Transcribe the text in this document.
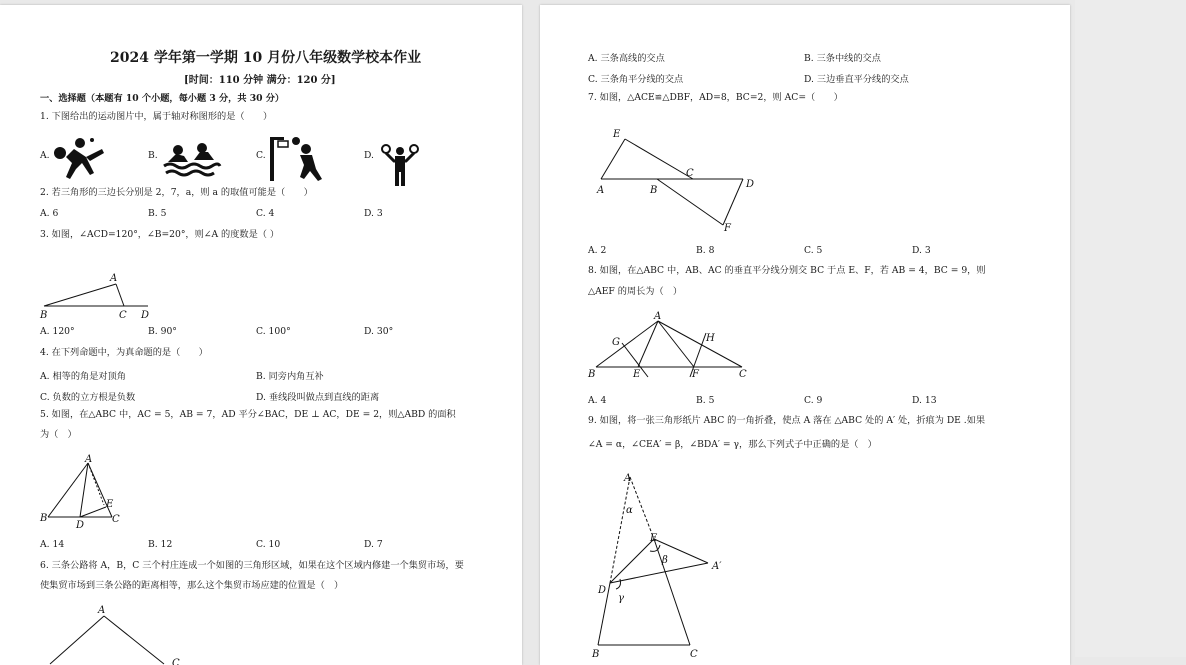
2024 学年第一学期 10 月份八年级数学校本作业
[时间：110 分钟 满分：120 分]
一、选择题（本题有 10 个小题，每小题 3 分，共 30 分）
1. 下图给出的运动图片中，属于轴对称图形的是（　　）
A.	B.	C.	D.
2. 若三角形的三边长分别是 2，7，a，则 a 的取值可能是（　　）
A. 6	B. 5	C. 4	D. 3
3. 如图，∠ACD=120°，∠B=20°，则∠A 的度数是（ ）
A
B	C D
A. 120°	B. 90°	C. 100°	D. 30°
4. 在下列命题中，为真命题的是（　　）
A. 相等的角是对顶角	B. 同旁内角互补
C. 负数的立方根是负数	D. 垂线段叫做点到直线的距离
5. 如图，在△ABC 中，AC = 5，AB = 7，AD 平分∠BAC，DE ⊥ AC，DE = 2，则△ABD 的面积
为（　）
A
B	C
D
E
A. 14	B. 12	C. 10	D. 7
6. 三条公路将 A，B，C 三个村庄连成一个如图的三角形区域，如果在这个区域内修建一个集贸市场，要
使集贸市场到三条公路的距离相等，那么这个集贸市场应建的位置是（　）
A
C
A. 三条高线的交点	B. 三条中线的交点
C. 三条角平分线的交点	D. 三边垂直平分线的交点
7. 如图，△ACE≌△DBF，AD=8，BC=2，则 AC=（　　）
E
A	B
C
D
F
A. 2	B. 8	C. 5	D. 3
8. 如图，在△ABC 中，AB、AC 的垂直平分线分别交 BC 于点 E、F，若 AB = 4，BC = 9，则
△AEF 的周长为（　）
A
G	H
B	E	F	C
A. 4	B. 5	C. 9	D. 13
9. 如图，将一张三角形纸片 ABC 的一角折叠，使点 A 落在 △ABC 处的 A′ 处，折痕为 DE .如果
∠A = α，∠CEA′ = β，∠BDA′ = γ，那么下列式子中正确的是（　）
A
α
E
β
A′
D
γ
B	C
